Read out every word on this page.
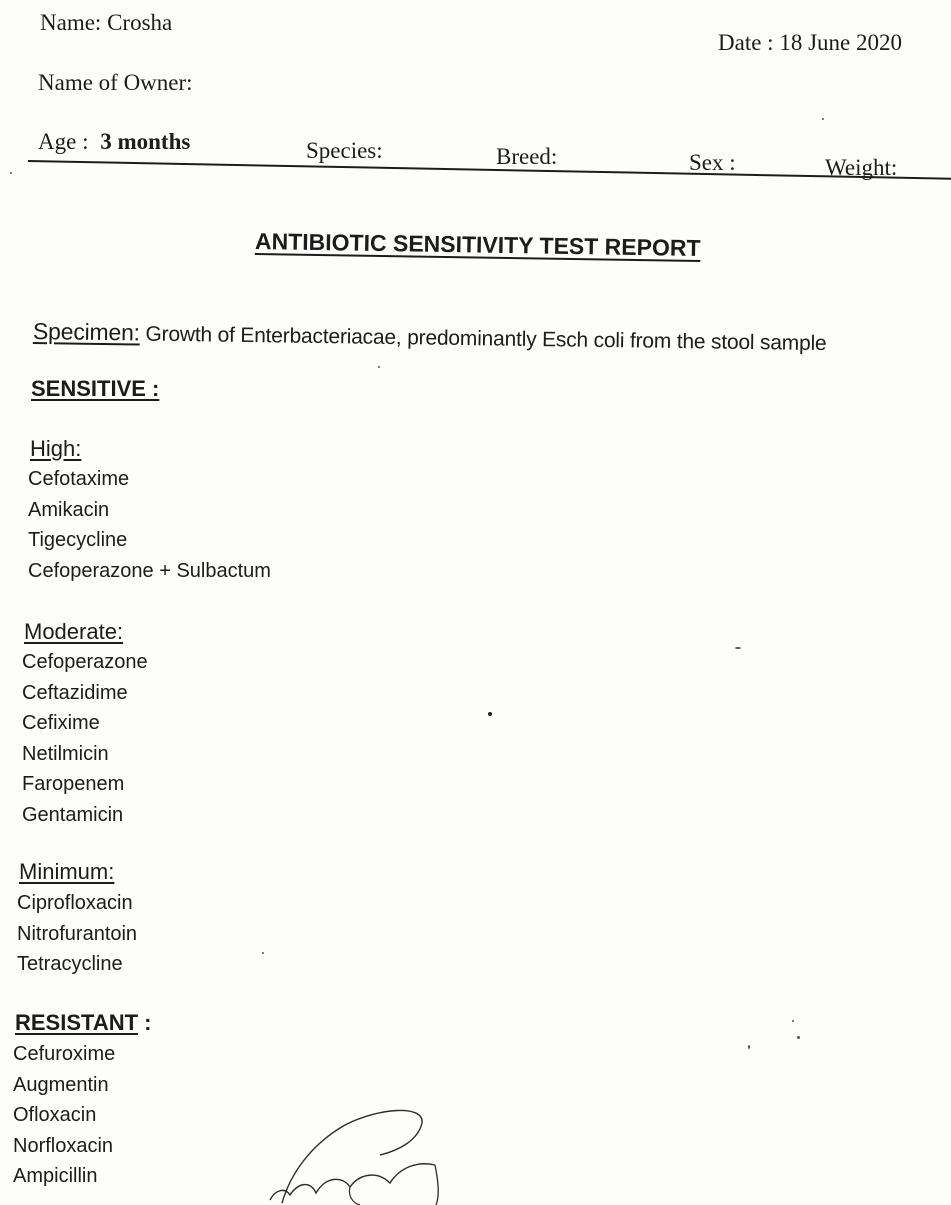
Name: Crosha
Date : 18 June 2020
Name of Owner:
Age : 3 months	Species:	Breed:	Sex :	Weight:
ANTIBIOTIC SENSITIVITY TEST REPORT
Specimen: Growth of Enterbacteriacae, predominantly Esch coli from the stool sample
SENSITIVE :
High:
Cefotaxime
Amikacin
Tigecycline
Cefoperazone + Sulbactum
Moderate:
Cefoperazone
Ceftazidime
Cefixime
Netilmicin
Faropenem
Gentamicin
Minimum:
Ciprofloxacin
Nitrofurantoin
Tetracycline
RESISTANT :
Cefuroxime
Augmentin
Ofloxacin
Norfloxacin
Ampicillin
